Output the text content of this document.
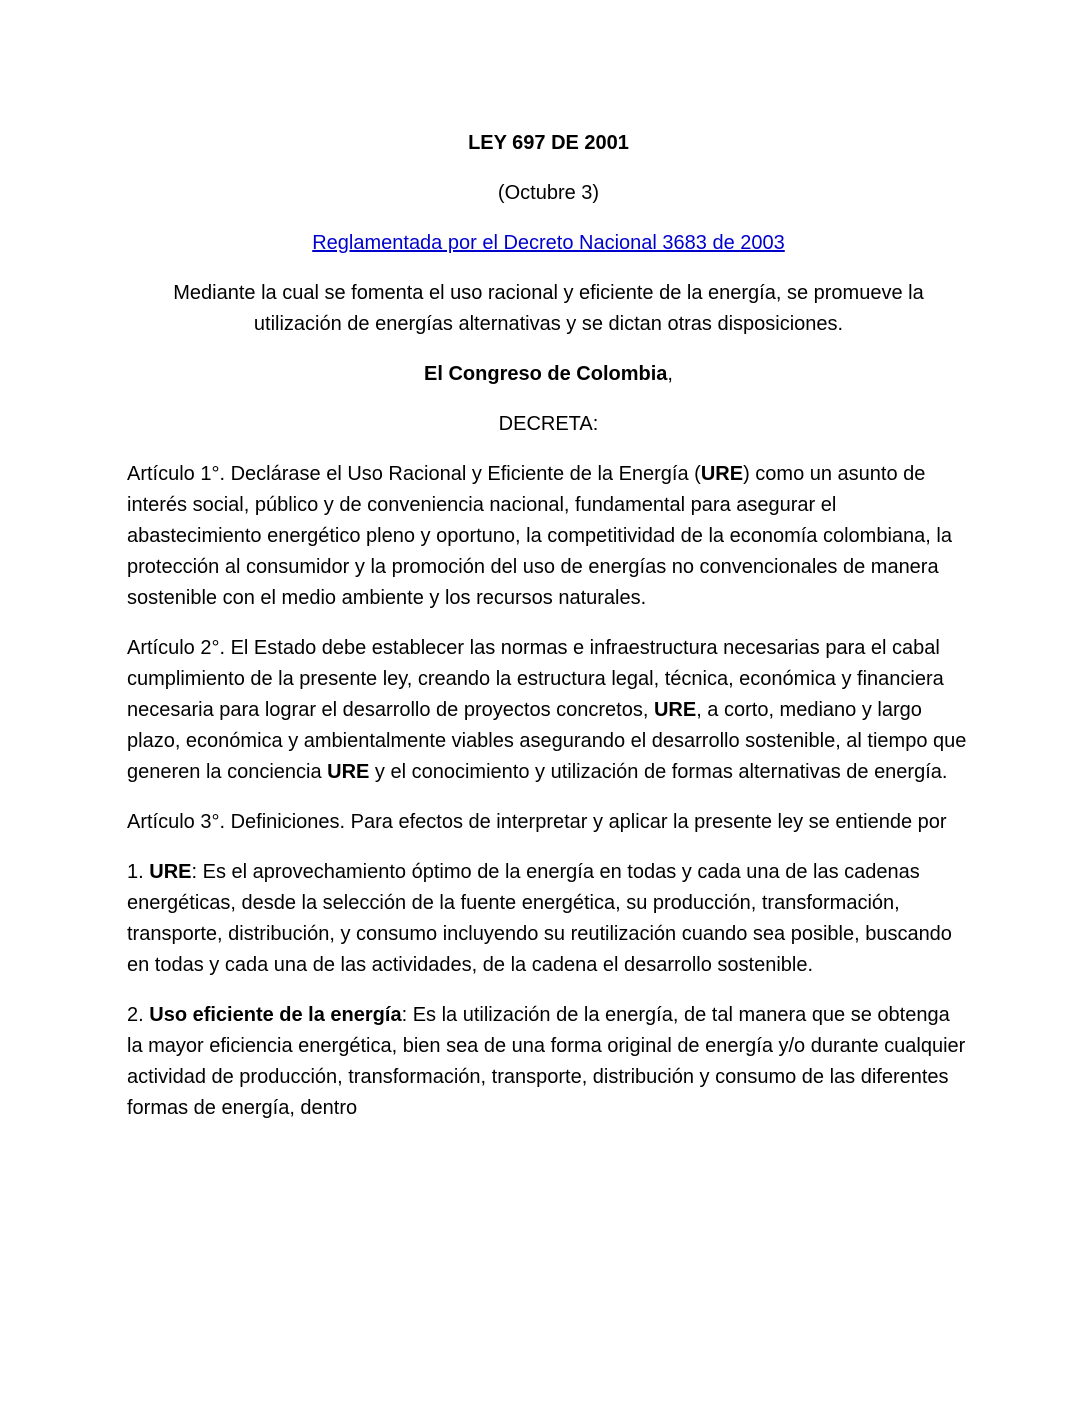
LEY 697 DE 2001

(Octubre 3)

Reglamentada por el Decreto Nacional 3683 de 2003

Mediante la cual se fomenta el uso racional y eficiente de la energía, se promueve la utilización de energías alternativas y se dictan otras disposiciones.

El Congreso de Colombia,

DECRETA:

Artículo 1°. Declárase el Uso Racional y Eficiente de la Energía (URE) como un asunto de interés social, público y de conveniencia nacional, fundamental para asegurar el abastecimiento energético pleno y oportuno, la competitividad de la economía colombiana, la protección al consumidor y la promoción del uso de energías no convencionales de manera sostenible con el medio ambiente y los recursos naturales.

Artículo 2°. El Estado debe establecer las normas e infraestructura necesarias para el cabal cumplimiento de la presente ley, creando la estructura legal, técnica, económica y financiera necesaria para lograr el desarrollo de proyectos concretos, URE, a corto, mediano y largo plazo, económica y ambientalmente viables asegurando el desarrollo sostenible, al tiempo que generen la conciencia URE y el conocimiento y utilización de formas alternativas de energía.

Artículo 3°. Definiciones. Para efectos de interpretar y aplicar la presente ley se entiende por

1. URE: Es el aprovechamiento óptimo de la energía en todas y cada una de las cadenas energéticas, desde la selección de la fuente energética, su producción, transformación, transporte, distribución, y consumo incluyendo su reutilización cuando sea posible, buscando en todas y cada una de las actividades, de la cadena el desarrollo sostenible.

2. Uso eficiente de la energía: Es la utilización de la energía, de tal manera que se obtenga la mayor eficiencia energética, bien sea de una forma original de energía y/o durante cualquier actividad de producción, transformación, transporte, distribución y consumo de las diferentes formas de energía, dentro
